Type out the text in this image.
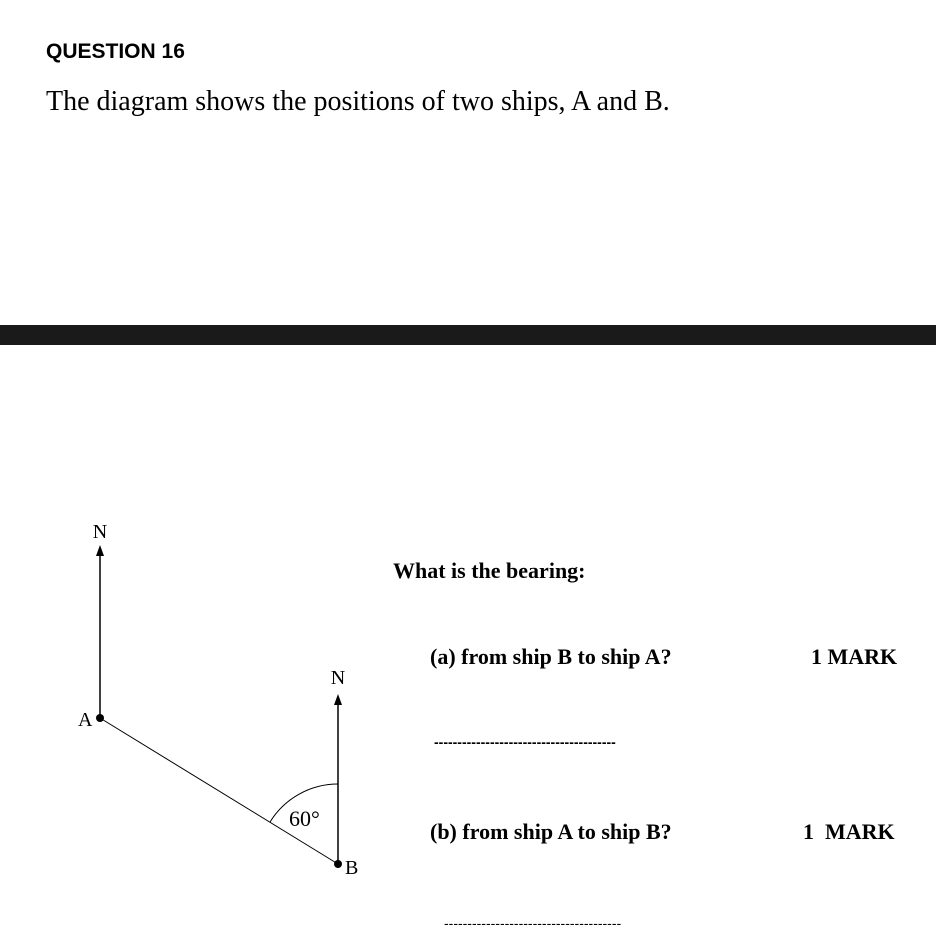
QUESTION 16
The diagram shows the positions of two ships, A and B.
N
N
60°
A
B
What is the bearing:
(a) from ship B to ship A?	1 MARK
---------------------------------------
(b) from ship A to ship B?	1  MARK
--------------------------------------
